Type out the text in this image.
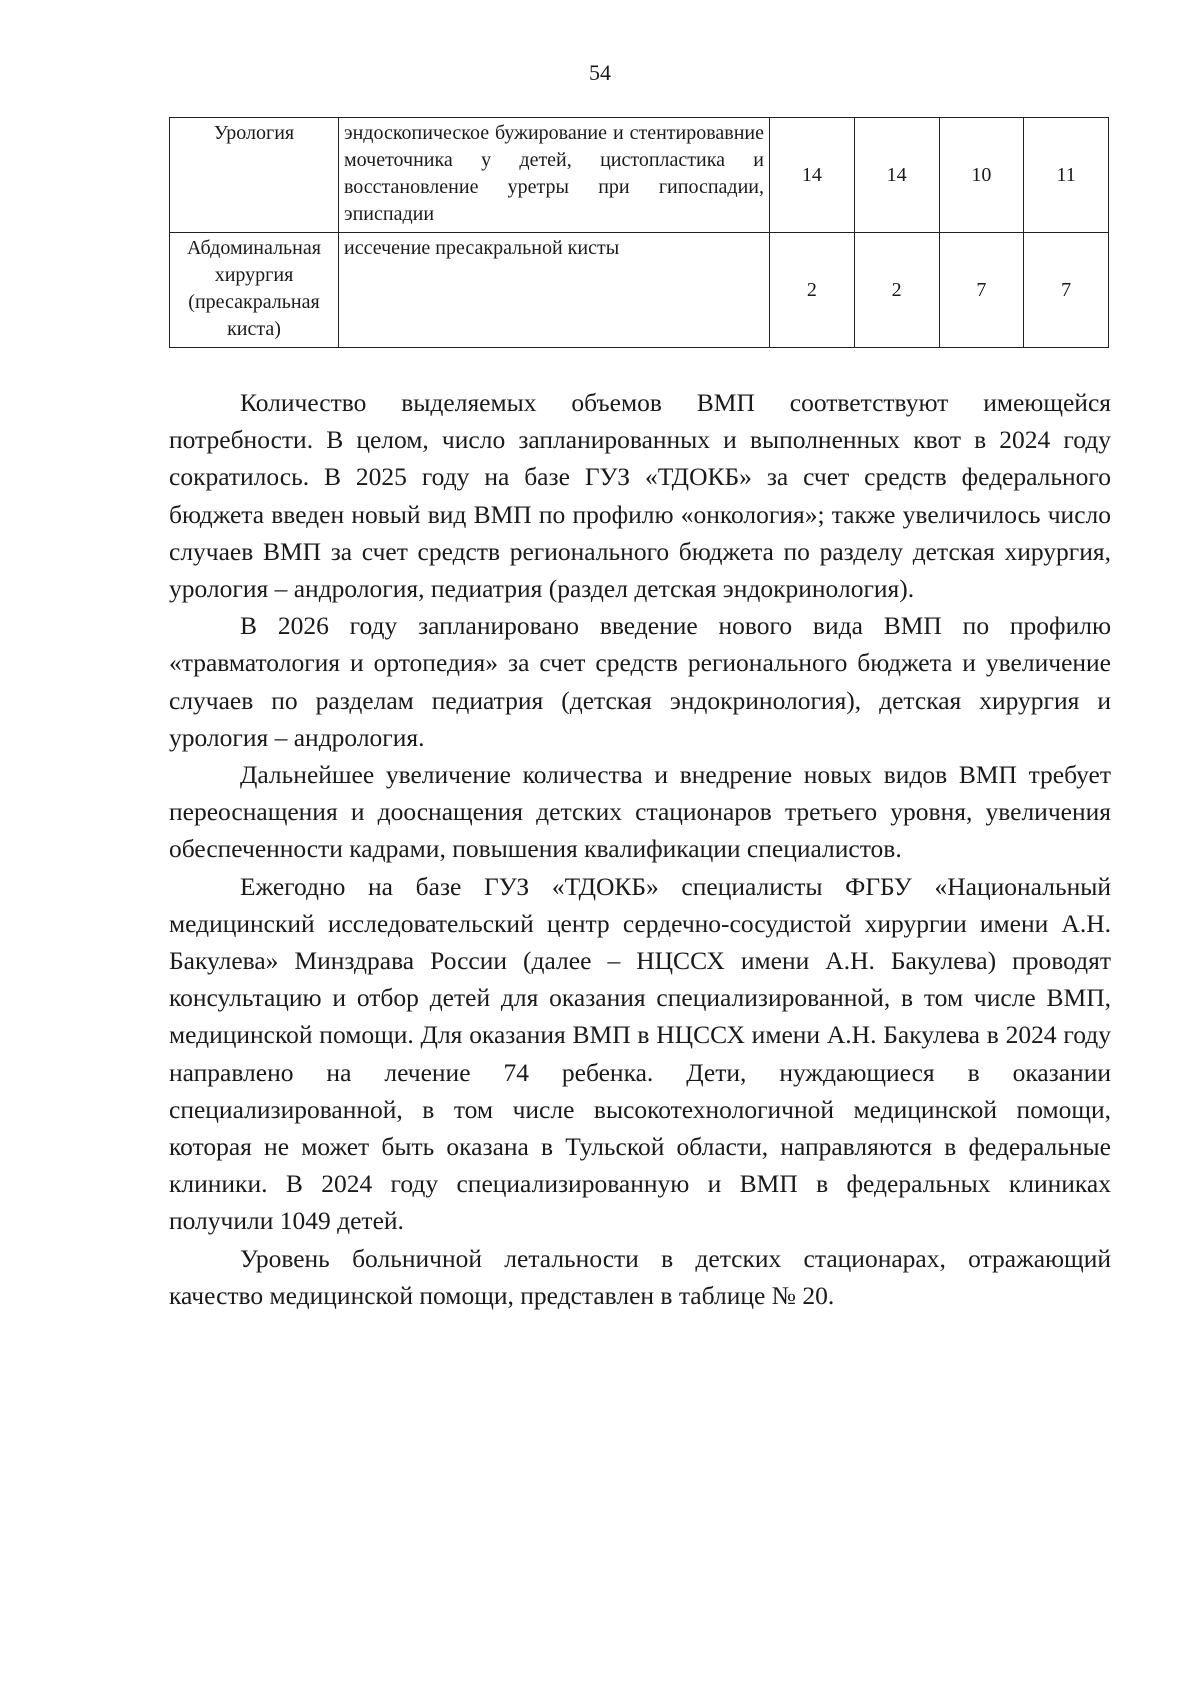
54
Урология	эндоскопическое бужирование и стентировавние мочеточника у детей, цистопластика и восстановление уретры при гипоспадии, эписпадии	14	14	10	11
Абдоминальная хирургия (пресакральная киста)	иссечение пресакральной кисты	2	2	7	7

Количество выделяемых объемов ВМП соответствуют имеющейся потребности. В целом, число запланированных и выполненных квот в 2024 году сократилось. В 2025 году на базе ГУЗ «ТДОКБ» за счет средств федерального бюджета введен новый вид ВМП по профилю «онкология»; также увеличилось число случаев ВМП за счет средств регионального бюджета по разделу детская хирургия, урология – андрология, педиатрия (раздел детская эндокринология).

В 2026 году запланировано введение нового вида ВМП по профилю «травматология и ортопедия» за счет средств регионального бюджета и увеличение случаев по разделам педиатрия (детская эндокринология), детская хирургия и урология – андрология.

Дальнейшее увеличение количества и внедрение новых видов ВМП требует переоснащения и дооснащения детских стационаров третьего уровня, увеличения обеспеченности кадрами, повышения квалификации специалистов.

Ежегодно на базе ГУЗ «ТДОКБ» специалисты ФГБУ «Национальный медицинский исследовательский центр сердечно-сосудистой хирургии имени А.Н. Бакулева» Минздрава России (далее – НЦССХ имени А.Н. Бакулева) проводят консультацию и отбор детей для оказания специализированной, в том числе ВМП, медицинской помощи. Для оказания ВМП в НЦССХ имени А.Н. Бакулева в 2024 году направлено на лечение 74 ребенка. Дети, нуждающиеся в оказании специализированной, в том числе высокотехнологичной медицинской помощи, которая не может быть оказана в Тульской области, направляются в федеральные клиники. В 2024 году специализированную и ВМП в федеральных клиниках получили 1049 детей.

Уровень больничной летальности в детских стационарах, отражающий качество медицинской помощи, представлен в таблице № 20.
